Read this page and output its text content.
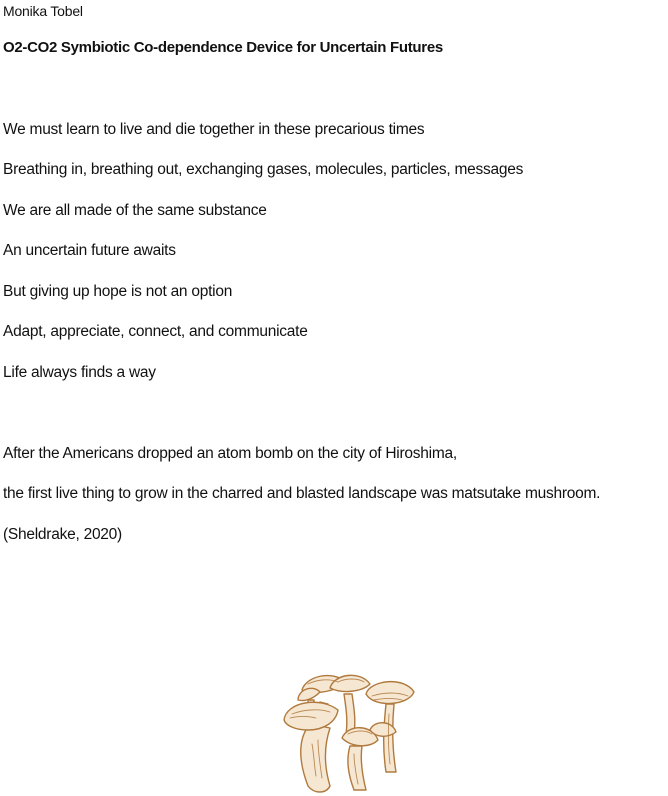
Monika Tobel
O2-CO2 Symbiotic Co-dependence Device for Uncertain Futures
We must learn to live and die together in these precarious times
Breathing in, breathing out, exchanging gases, molecules, particles, messages
We are all made of the same substance
An uncertain future awaits
But giving up hope is not an option
Adapt, appreciate, connect, and communicate
Life always finds a way
After the Americans dropped an atom bomb on the city of Hiroshima,
the first live thing to grow in the charred and blasted landscape was matsutake mushroom.
(Sheldrake, 2020)
